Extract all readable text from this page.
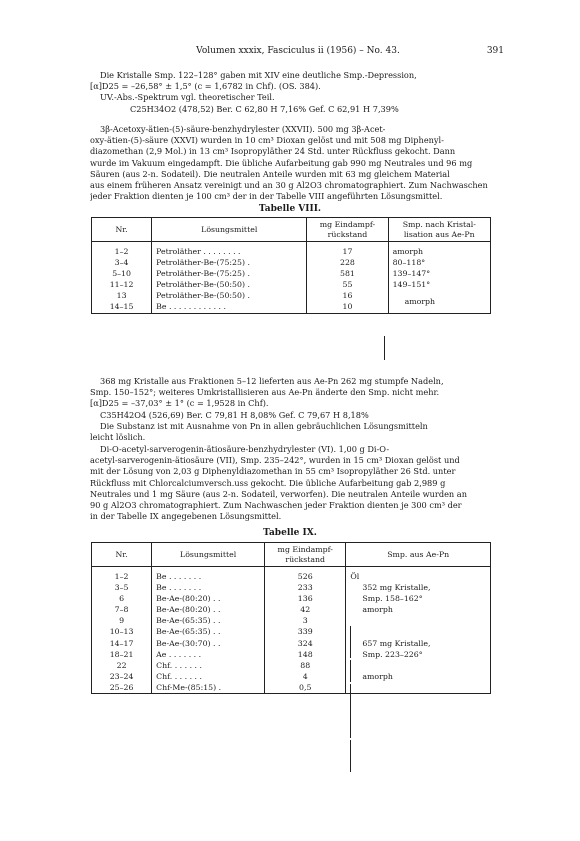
Volumen xxxix, Fasciculus ii (1956) – No. 43.	391

Die Kristalle Smp. 122–128° gaben mit XIV eine deutliche Smp.-Depression,
[α]D25 = –26,58° ± 1,5° (c = 1,6782 in Chf). (OS. 384).
UV.-Abs.-Spektrum vgl. theoretischer Teil.
C25H34O2 (478,52) Ber. C 62,80 H 7,16% Gef. C 62,91 H 7,39%

3β-Acetoxy-ätien-(5)-säure-benzhydrylester (XXVII). 500 mg 3β-Acet-
oxy-ätien-(5)-säure (XXVI) wurden in 10 cm³ Dioxan gelöst und mit 508 mg Diphenyl-
diazomethan (2,9 Mol.) in 13 cm³ Isopropyläther 24 Std. unter Rückfluss gekocht. Dann
wurde im Vakuum eingedampft. Die übliche Aufarbeitung gab 990 mg Neutrales und 96 mg
Säuren (aus 2-n. Sodateil). Die neutralen Anteile wurden mit 63 mg gleichem Material
aus einem früheren Ansatz vereinigt und an 30 g Al2O3 chromatographiert. Zum Nachwaschen
jeder Fraktion dienten je 100 cm³ der in der Tabelle VIII angeführten Lösungsmittel.

Tabelle VIII.
Nr.	Lösungsmittel	mg Eindampf-rückstand	Smp. nach Kristal-lisation aus Ae-Pn
1–2	Petroläther . . . . . . . .	17	amorph
3–4	Petroläther-Be-(75:25) .	228	80–118°
5–10	Petroläther-Be-(75:25) .	581	139–147°
11–12	Petroläther-Be-(50:50) .	55	149–151°
13	Petroläther-Be-(50:50) .	16	amorph
14–15	Be . . . . . . . . . . . .	10	

368 mg Kristalle aus Fraktionen 5–12 lieferten aus Ae-Pn 262 mg stumpfe Nadeln,
Smp. 150–152°; weiteres Umkristallisieren aus Ae-Pn änderte den Smp. nicht mehr.
[α]D25 = –37,03° ± 1° (c = 1,9528 in Chf).
C35H42O4 (526,69) Ber. C 79,81 H 8,08% Gef. C 79,67 H 8,18%
Die Substanz ist mit Ausnahme von Pn in allen gebräuchlichen Lösungsmitteln
leicht löslich.

Di-O-acetyl-sarverogenin-ätiosäure-benzhydrylester (VI). 1,00 g Di-O-
acetyl-sarverogenin-ätiosäure (VII), Smp. 235–242°, wurden in 15 cm³ Dioxan gelöst und
mit der Lösung von 2,03 g Diphenyldiazomethan in 55 cm³ Isopropyläther 26 Std. unter
Rückfluss mit Chlorcalciumversch.uss gekocht. Die übliche Aufarbeitung gab 2,989 g
Neutrales und 1 mg Säure (aus 2-n. Sodateil, verworfen). Die neutralen Anteile wurden an
90 g Al2O3 chromatographiert. Zum Nachwaschen jeder Fraktion dienten je 300 cm³ der
in der Tabelle IX angegebenen Lösungsmittel.

Tabelle IX.
Nr.	Lösungsmittel	mg Eindampf-rückstand	Smp. aus Ae-Pn
1–2	Be . . . . . . .	526	Öl
3–5	Be . . . . . . .	233	352 mg Kristalle,
6	Be-Ae-(80:20) . .	136	Smp. 158–162°
7–8	Be-Ae-(80:20) . .	42	amorph
9	Be-Ae-(65:35) . .	3	
10–13	Be-Ae-(65:35) . .	339	
14–17	Be-Ae-(30:70) . .	324	657 mg Kristalle,
18–21	Ae . . . . . . .	148	Smp. 223–226°
22	Chf. . . . . . .	88	
23–24	Chf. . . . . . .	4	amorph
25–26	Chf-Me-(85:15) .	0,5	
